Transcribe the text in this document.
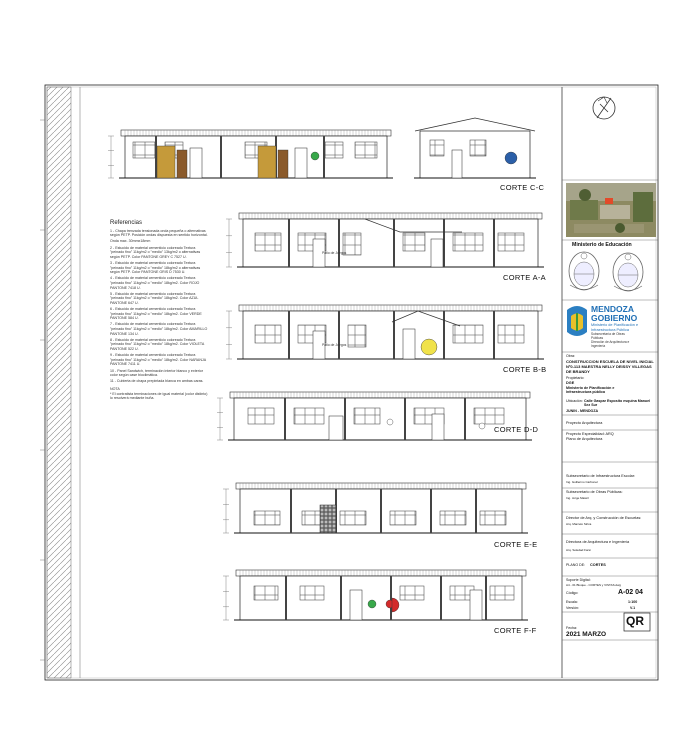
CORTE C-C
CORTE A-A
CORTE B-B
CORTE D-D
CORTE E-E
CORTE F-F
Patio de Juegos
Patio de Juegos
Referencias
1 - Chapa trenzada tensionada onda pequeña o alternativas según PETP. Posición ondas dispuesta en sentido horizontal.
Onda max. 30mmx18mm
2 - Estucido de material cementicio coloreado Textura "peinado fino" 11kg/m2 o "medio" 13kg/m2 o alternativas según PETP. Color PANTONE GREY C 7527 U.
3 - Estucido de material cementicio coloreado Textura "peinado fino" 11kg/m2 o "medio" 18kg/m2 o alternativas según PETP. Color PANTONE GRIS D 7530 U.
4 - Estucido de material cementicio coloreado Textura "peinado fino" 11kg/m2 o "medio" 18kg/m2. Color ROJO PANTONE 7418 U.
5 - Estucido de material cementicio coloreado Textura "peinado fino" 11kg/m2 o "medio" 18kg/m2. Color AZUL PANTONE 647 U.
6 - Estucido de material cementicio coloreado Textura "peinado fino" 11kg/m2 o "medio" 18kg/m2. Color VERDE PANTONE 584 U.
7 - Estucido de material cementicio coloreado Textura "peinado fino" 11kg/m2 o "medio" 18kg/m2. Color AMARILLO PANTONE 134 U.
8 - Estucido de material cementicio coloreado Textura "peinado fino" 11kg/m2 o "medio" 18kg/m2. Color VIOLETA PANTONE 522 U.
9 - Estucido de material cementicio coloreado Textura "peinado fino" 11kg/m2 o "medio" 18kg/m2. Color NARANJA PANTONE 7411 U.
10 - Panel Sandwich, terminación interior blanco y exterior color según case bioclimática.
11 - Cubierta de chapa prepintada blanca en ambas caras.
NOTA
* El contratista terminaciones de igual material (color distinto) lo resolverá mediante buña.
Ministerio de Educación
MENDOZA
GOBIERNO
Ministerio de Planificación e Infraestructura Pública
Subsecretaría de Obras Públicas
Dirección de Arquitectura e Ingeniería
Obra:
CONSTRUCCION ESCUELA DE NIVEL INICIAL Nº0-113 MAESTRA NELLY DEISSY VILLEGAS DE BRANDY
Propietario:
DGE
Ministerio de Planificación e Infraestructura pública
Ubicación: Calle Gaspar Esposito esquina Manuel Sez Sur
JUNIN - MENDOZA
Proyecto Arquitectura
Proyecto Especialidad: ARQ
Plano de Arquitectura
Subsecretario de Infraestructura Escolar:
Ing. Guillermo Carbonel
Subsecretario de Obras Públicas:
Ing. Jorge Maiwil
Director de Arq. y Construcción de Escuelas:
Arq. Marcelo Sirica
Directora de Arquitectura e Ingeniería
Arq. Soledad Farsi
PLANO DE: CORTES
Soporte Digital:
A4 - 01 Bloque - CORTES y VISTAS.dwg
Código:	A-02 04
Escala:	1:100
Versión:	V.1
Fecha:
2021 MARZO
QR
